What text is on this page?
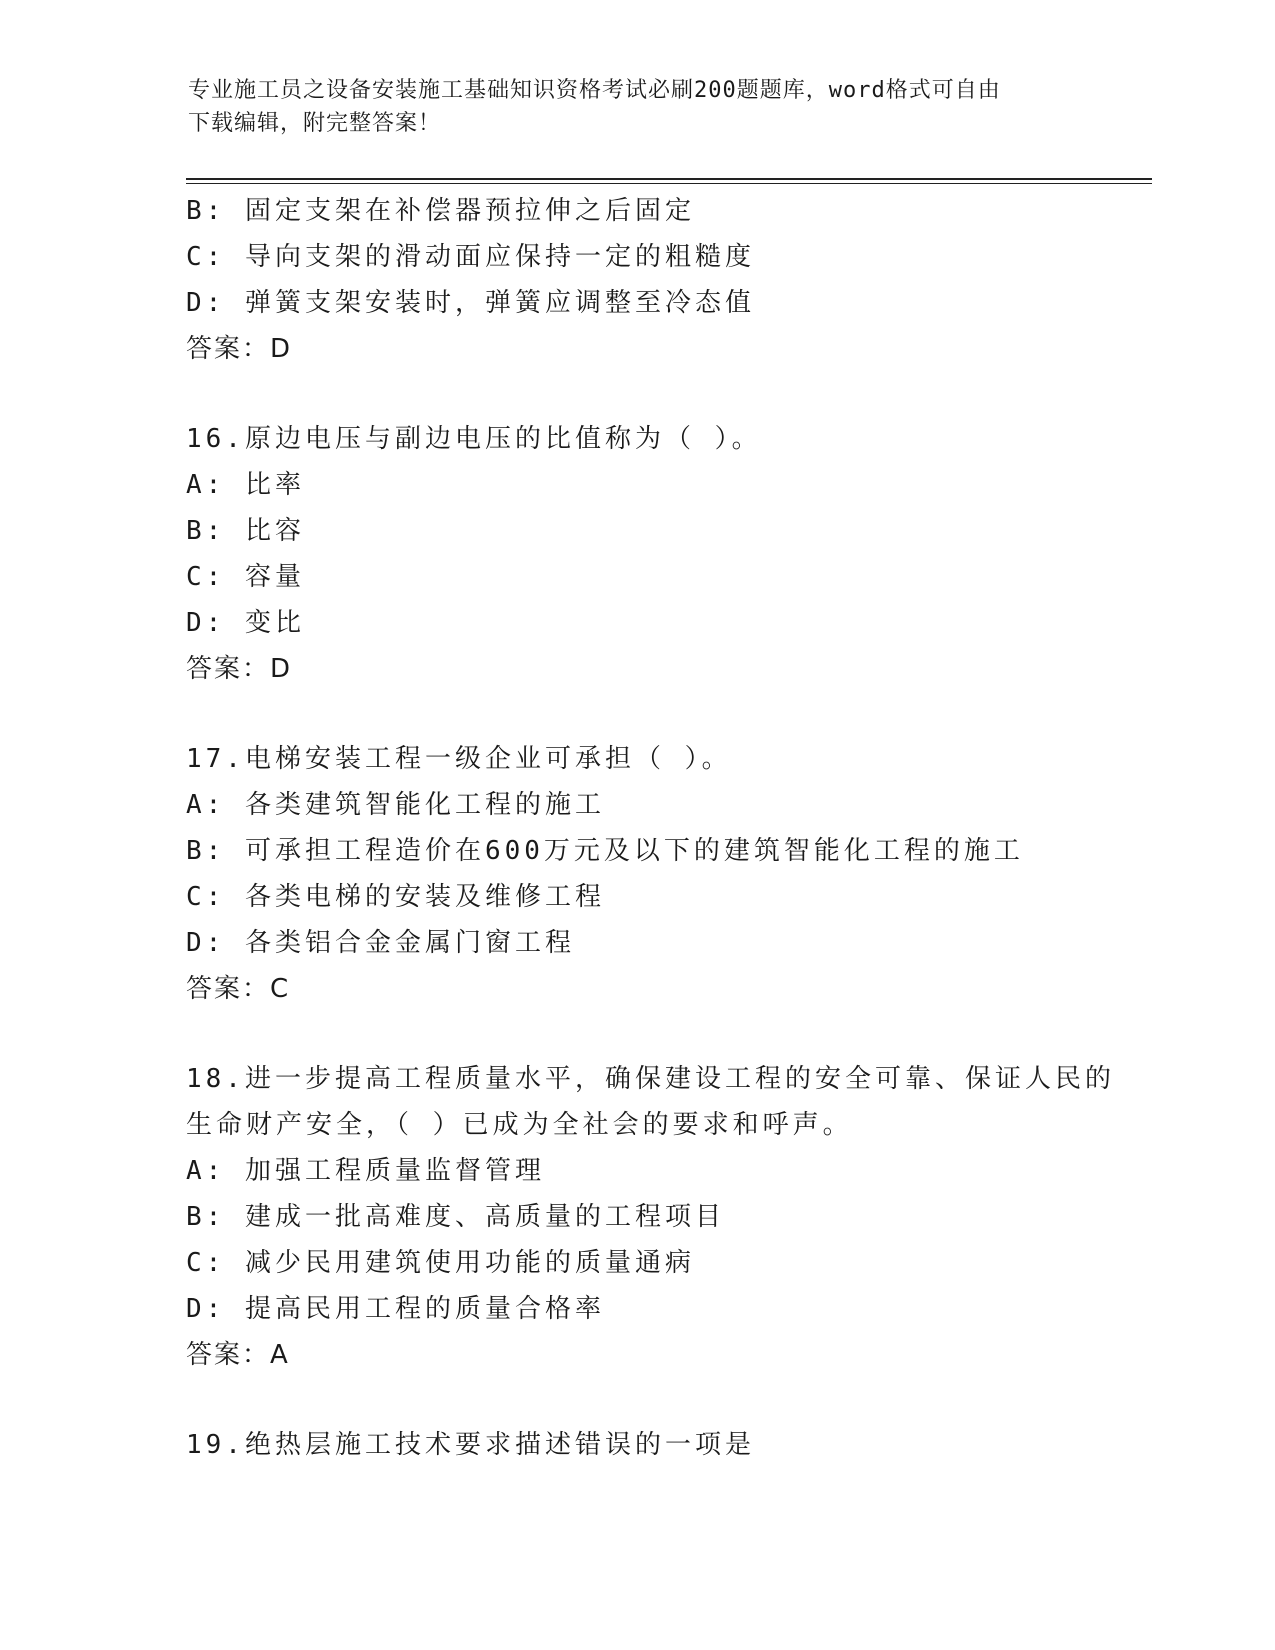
专业施工员之设备安装施工基础知识资格考试必刷200题题库，word格式可自由
下载编辑，附完整答案！
B: 固定支架在补偿器预拉伸之后固定
C: 导向支架的滑动面应保持一定的粗糙度
D: 弹簧支架安装时，弹簧应调整至冷态值
答案：D
16.原边电压与副边电压的比值称为（ ）。
A: 比率
B: 比容
C: 容量
D: 变比
答案：D
17.电梯安装工程一级企业可承担（ ）。
A: 各类建筑智能化工程的施工
B: 可承担工程造价在600万元及以下的建筑智能化工程的施工
C: 各类电梯的安装及维修工程
D: 各类铝合金金属门窗工程
答案：C
18.进一步提高工程质量水平，确保建设工程的安全可靠、保证人民的
生命财产安全，（ ）已成为全社会的要求和呼声。
A: 加强工程质量监督管理
B: 建成一批高难度、高质量的工程项目
C: 减少民用建筑使用功能的质量通病
D: 提高民用工程的质量合格率
答案：A
19.绝热层施工技术要求描述错误的一项是
